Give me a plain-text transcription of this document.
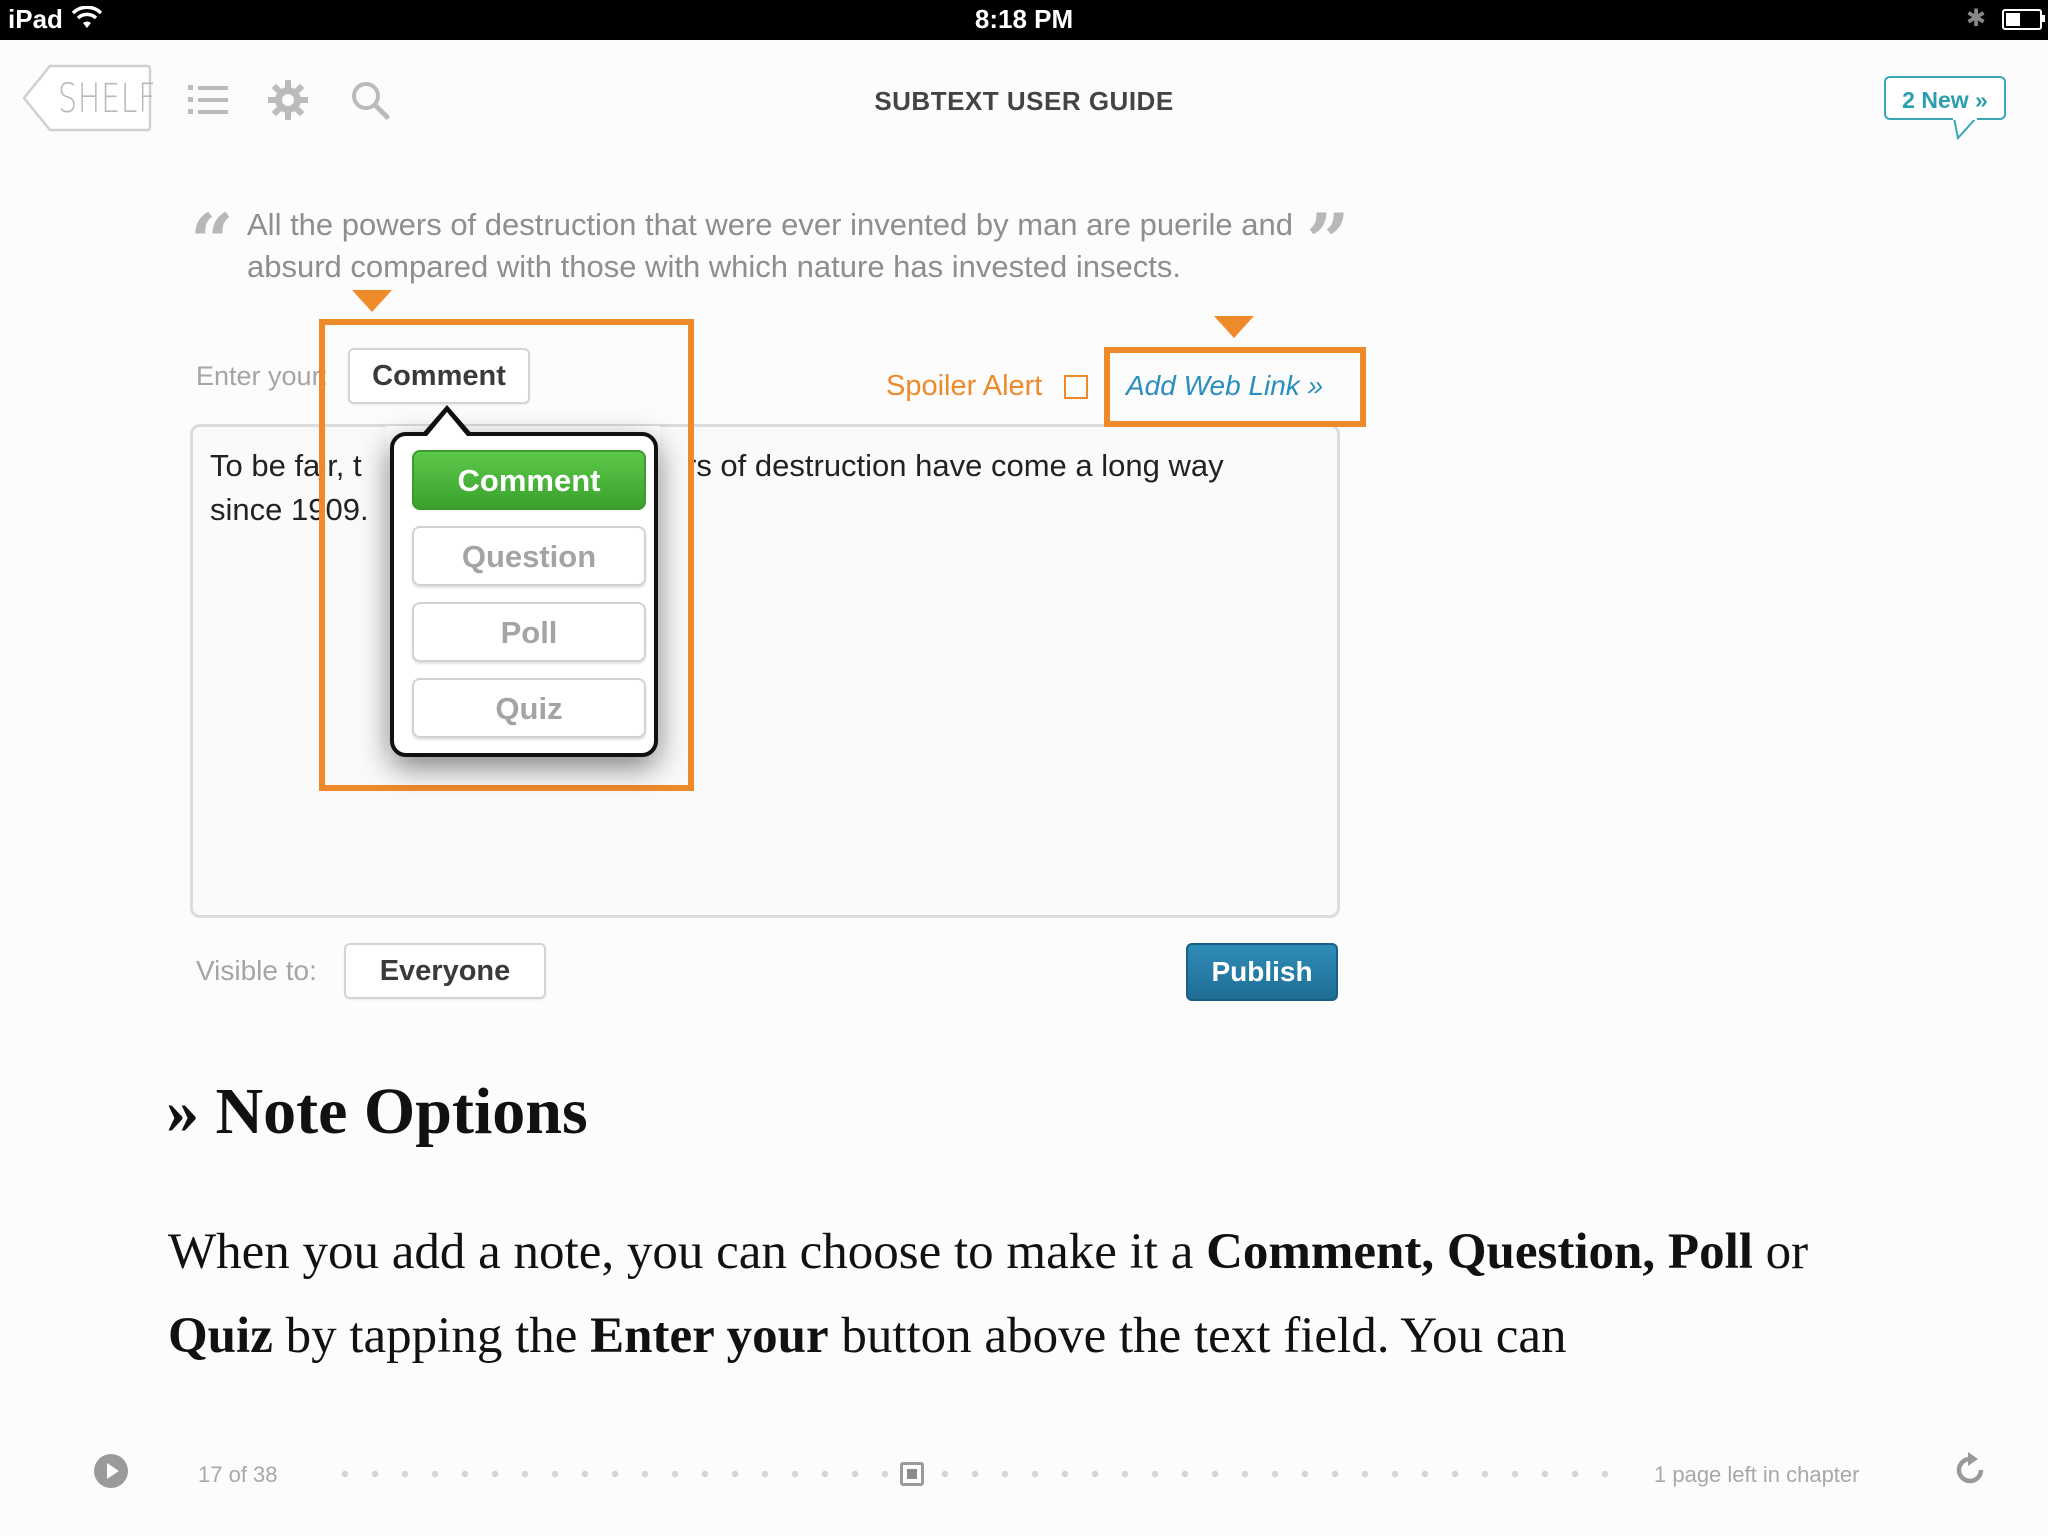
iPad	8:18 PM	✱
SHELF	SUBTEXT USER GUIDE	2 New »
“ All the powers of destruction that were ever invented by man are puerile and absurd compared with those with which nature has invested insects.	”
Enter your:
To be fair, t	rs of destruction have come a long way
since 1909.
Comment	Spoiler Alert	Add Web Link »
Comment
Question
Poll
Quiz
Visible to:	Everyone	Publish
» Note Options
When you add a note, you can choose to make it a Comment, Question, Poll or Quiz by tapping the Enter your button above the text field. You can
17 of 38	1 page left in chapter
